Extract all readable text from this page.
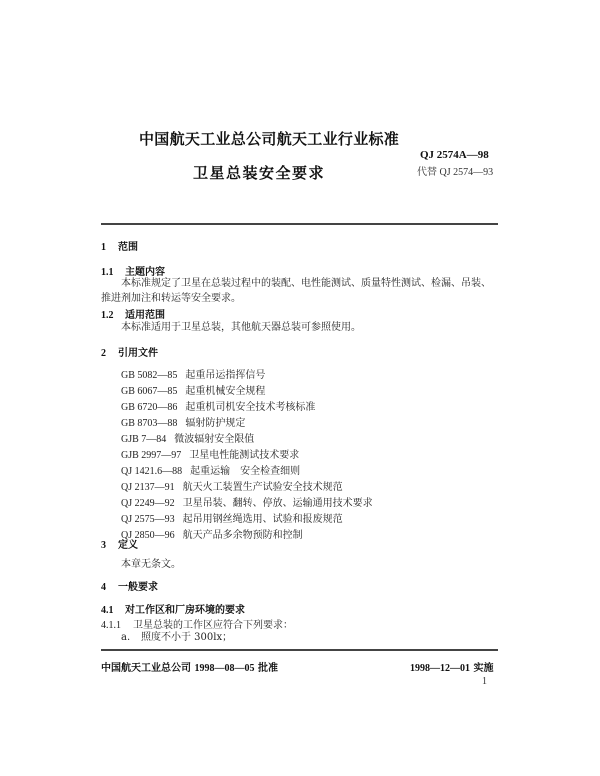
中国航天工业总公司航天工业行业标准
QJ 2574A—98
卫星总装安全要求	代替 QJ 2574—93
1 范围
1.1 主题内容
本标准规定了卫星在总装过程中的装配、电性能测试、质量特性测试、检漏、吊装、推进剂加注和转运等安全要求。
1.2 适用范围
本标准适用于卫星总装，其他航天器总装可参照使用。
2 引用文件
GB 5082—85 起重吊运指挥信号
GB 6067—85 起重机械安全规程
GB 6720—86 起重机司机安全技术考核标准
GB 8703—88 辐射防护规定
GJB 7—84 微波辐射安全限值
GJB 2997—97 卫星电性能测试技术要求
QJ 1421.6—88 起重运输　安全检查细则
QJ 2137—91 航天火工装置生产试验安全技术规范
QJ 2249—92 卫星吊装、翻转、停放、运输通用技术要求
QJ 2575—93 起吊用钢丝绳选用、试验和报废规范
QJ 2850—96 航天产品多余物预防和控制
3 定义
本章无条文。
4 一般要求
4.1 对工作区和厂房环境的要求
4.1.1 卫星总装的工作区应符合下列要求：
a. 照度不小于 300lx；
中国航天工业总公司 1998—08—05 批准	1998—12—01 实施
1
